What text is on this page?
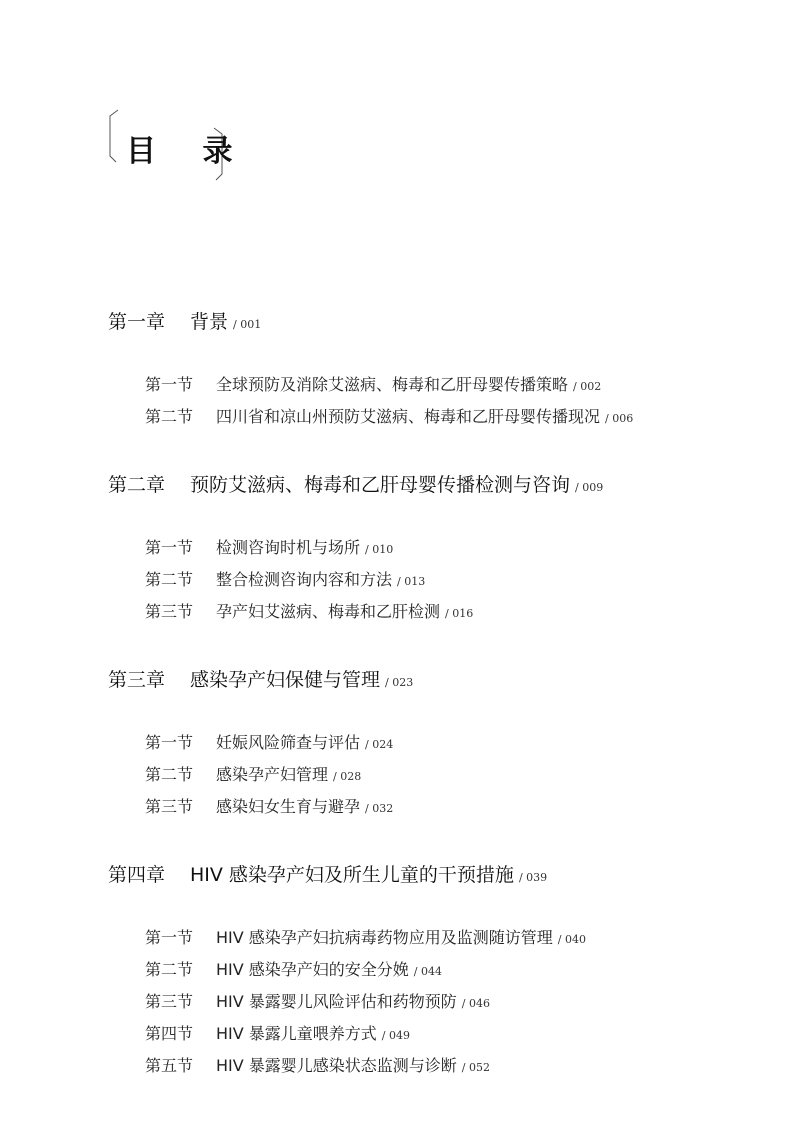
目 录
第一章 背景 / 001
第一节 全球预防及消除艾滋病、梅毒和乙肝母婴传播策略 / 002
第二节 四川省和凉山州预防艾滋病、梅毒和乙肝母婴传播现况 / 006
第二章 预防艾滋病、梅毒和乙肝母婴传播检测与咨询 / 009
第一节 检测咨询时机与场所 / 010
第二节 整合检测咨询内容和方法 / 013
第三节 孕产妇艾滋病、梅毒和乙肝检测 / 016
第三章 感染孕产妇保健与管理 / 023
第一节 妊娠风险筛查与评估 / 024
第二节 感染孕产妇管理 / 028
第三节 感染妇女生育与避孕 / 032
第四章 HIV 感染孕产妇及所生儿童的干预措施 / 039
第一节 HIV 感染孕产妇抗病毒药物应用及监测随访管理 / 040
第二节 HIV 感染孕产妇的安全分娩 / 044
第三节 HIV 暴露婴儿风险评估和药物预防 / 046
第四节 HIV 暴露儿童喂养方式 / 049
第五节 HIV 暴露婴儿感染状态监测与诊断 / 052
